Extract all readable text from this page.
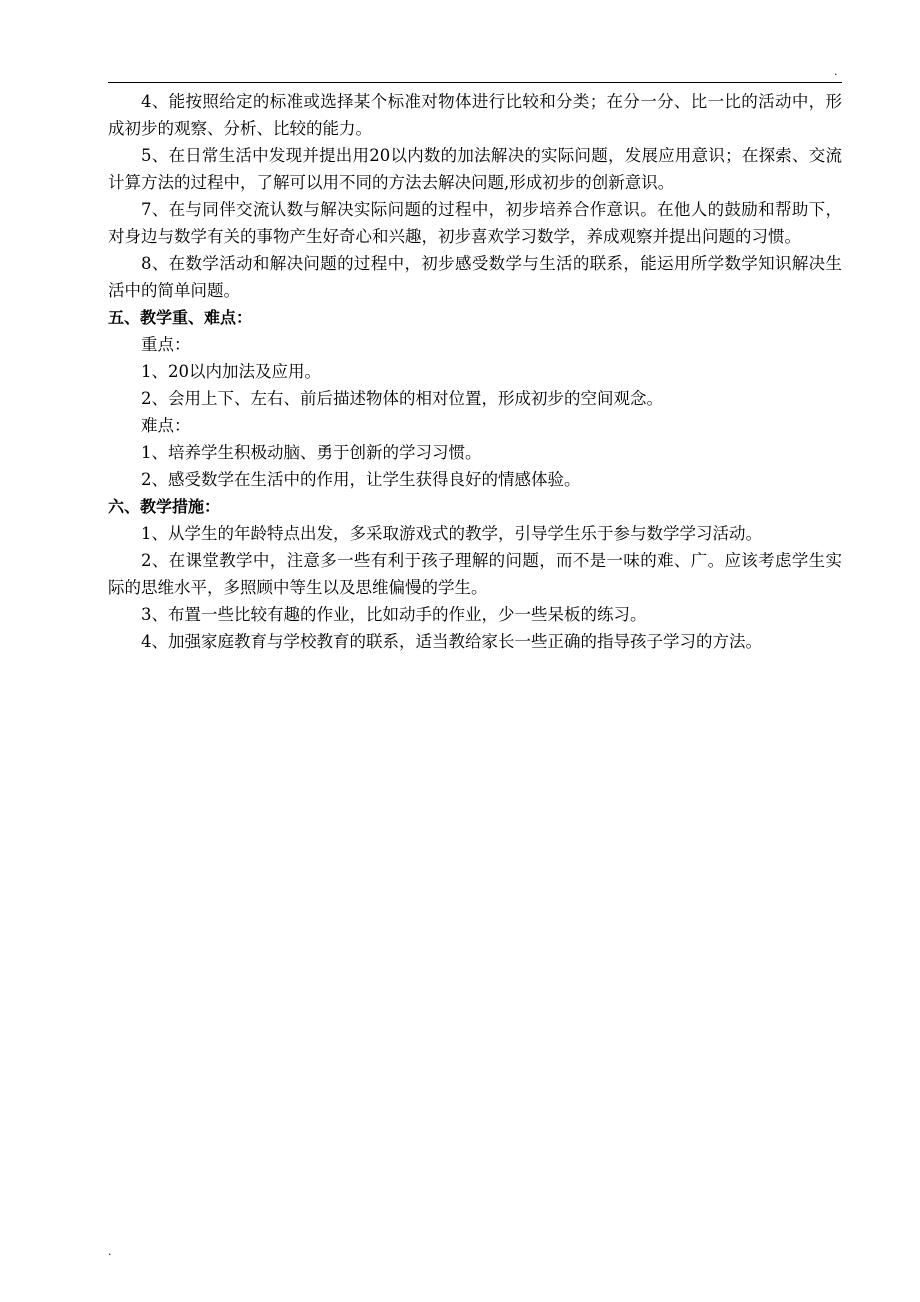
.

4、能按照给定的标准或选择某个标准对物体进行比较和分类；在分一分、比一比的活动中，形成初步的观察、分析、比较的能力。

5、在日常生活中发现并提出用20以内数的加法解决的实际问题，发展应用意识；在探索、交流计算方法的过程中，了解可以用不同的方法去解决问题,形成初步的创新意识。

7、在与同伴交流认数与解决实际问题的过程中，初步培养合作意识。在他人的鼓励和帮助下，对身边与数学有关的事物产生好奇心和兴趣，初步喜欢学习数学，养成观察并提出问题的习惯。

8、在数学活动和解决问题的过程中，初步感受数学与生活的联系，能运用所学数学知识解决生活中的简单问题。

五、教学重、难点：

重点：

1、20以内加法及应用。

2、会用上下、左右、前后描述物体的相对位置，形成初步的空间观念。

难点：

1、培养学生积极动脑、勇于创新的学习习惯。

2、感受数学在生活中的作用，让学生获得良好的情感体验。

六、教学措施：

1、从学生的年龄特点出发，多采取游戏式的教学，引导学生乐于参与数学学习活动。

2、在课堂教学中，注意多一些有利于孩子理解的问题，而不是一味的难、广。应该考虑学生实际的思维水平，多照顾中等生以及思维偏慢的学生。

3、布置一些比较有趣的作业，比如动手的作业，少一些呆板的练习。

4、加强家庭教育与学校教育的联系，适当教给家长一些正确的指导孩子学习的方法。

.
